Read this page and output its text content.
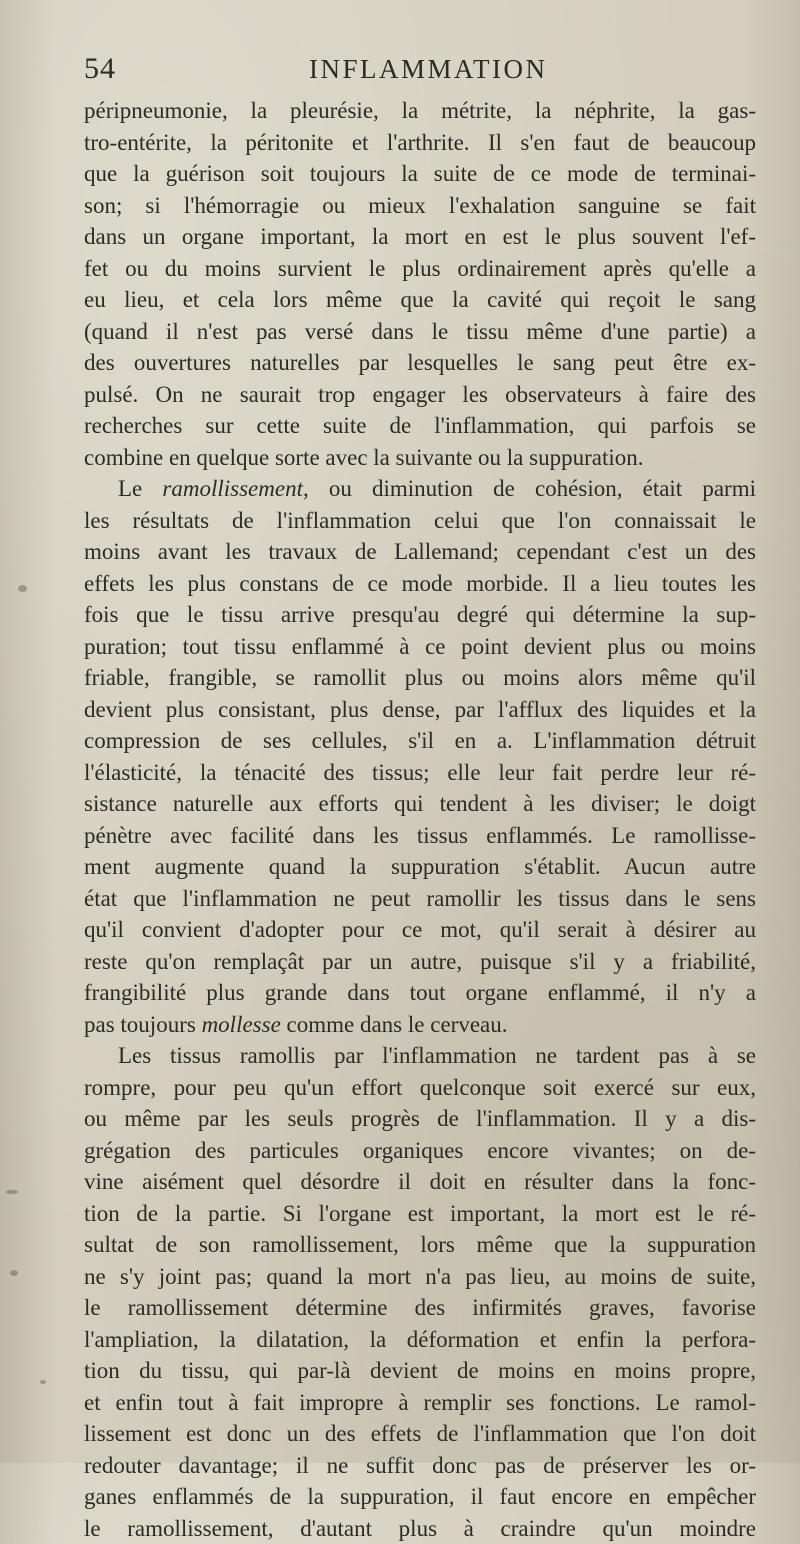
54	INFLAMMATION
péripneumonie, la pleurésie, la métrite, la néphrite, la gas-
tro-entérite, la péritonite et l'arthrite. Il s'en faut de beaucoup
que la guérison soit toujours la suite de ce mode de terminai-
son; si l'hémorragie ou mieux l'exhalation sanguine se fait
dans un organe important, la mort en est le plus souvent l'ef-
fet ou du moins survient le plus ordinairement après qu'elle a
eu lieu, et cela lors même que la cavité qui reçoit le sang
(quand il n'est pas versé dans le tissu même d'une partie) a
des ouvertures naturelles par lesquelles le sang peut être ex-
pulsé. On ne saurait trop engager les observateurs à faire des
recherches sur cette suite de l'inflammation, qui parfois se
combine en quelque sorte avec la suivante ou la suppuration.
Le ramollissement, ou diminution de cohésion, était parmi
les résultats de l'inflammation celui que l'on connaissait le
moins avant les travaux de Lallemand; cependant c'est un des
effets les plus constans de ce mode morbide. Il a lieu toutes les
fois que le tissu arrive presqu'au degré qui détermine la sup-
puration; tout tissu enflammé à ce point devient plus ou moins
friable, frangible, se ramollit plus ou moins alors même qu'il
devient plus consistant, plus dense, par l'afflux des liquides et la
compression de ses cellules, s'il en a. L'inflammation détruit
l'élasticité, la ténacité des tissus; elle leur fait perdre leur ré-
sistance naturelle aux efforts qui tendent à les diviser; le doigt
pénètre avec facilité dans les tissus enflammés. Le ramollisse-
ment augmente quand la suppuration s'établit. Aucun autre
état que l'inflammation ne peut ramollir les tissus dans le sens
qu'il convient d'adopter pour ce mot, qu'il serait à désirer au
reste qu'on remplaçât par un autre, puisque s'il y a friabilité,
frangibilité plus grande dans tout organe enflammé, il n'y a
pas toujours mollesse comme dans le cerveau.
Les tissus ramollis par l'inflammation ne tardent pas à se
rompre, pour peu qu'un effort quelconque soit exercé sur eux,
ou même par les seuls progrès de l'inflammation. Il y a dis-
grégation des particules organiques encore vivantes; on de-
vine aisément quel désordre il doit en résulter dans la fonc-
tion de la partie. Si l'organe est important, la mort est le ré-
sultat de son ramollissement, lors même que la suppuration
ne s'y joint pas; quand la mort n'a pas lieu, au moins de suite,
le ramollissement détermine des infirmités graves, favorise
l'ampliation, la dilatation, la déformation et enfin la perfora-
tion du tissu, qui par-là devient de moins en moins propre,
et enfin tout à fait impropre à remplir ses fonctions. Le ramol-
lissement est donc un des effets de l'inflammation que l'on doit
redouter davantage; il ne suffit donc pas de préserver les or-
ganes enflammés de la suppuration, il faut encore en empêcher
le ramollissement, d'autant plus à craindre qu'un moindre
